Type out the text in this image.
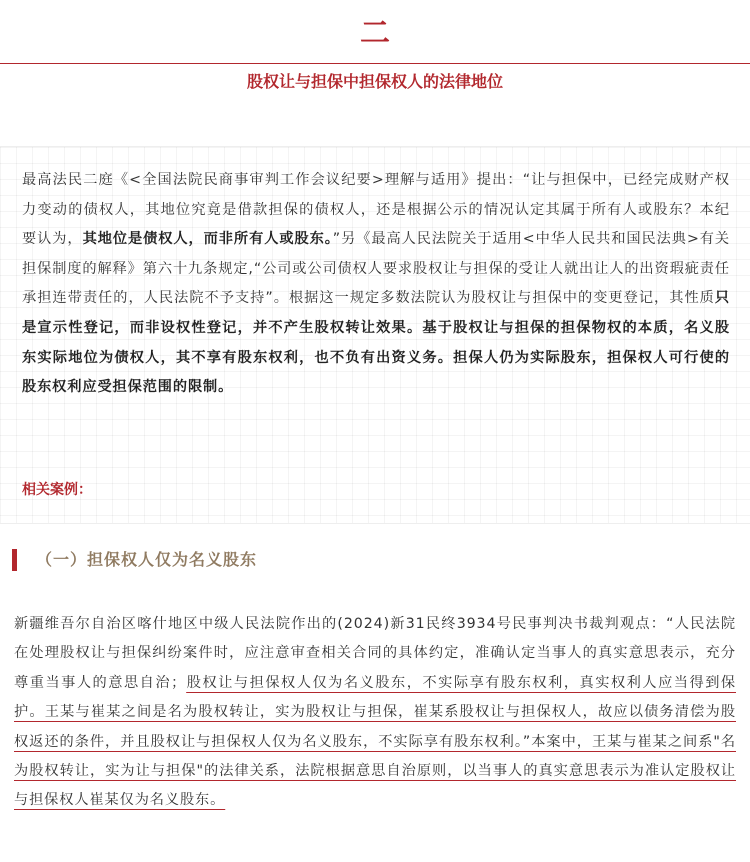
二
股权让与担保中担保权人的法律地位

最高法民二庭《<全国法院民商事审判工作会议纪要>理解与适用》提出：“让与担保中，已经完成财产权力变动的债权人，其地位究竟是借款担保的债权人，还是根据公示的情况认定其属于所有人或股东？本纪要认为，其地位是债权人，而非所有人或股东。”另《最高人民法院关于适用<中华人民共和国民法典>有关担保制度的解释》第六十九条规定,“公司或公司债权人要求股权让与担保的受让人就出让人的出资瑕疵责任承担连带责任的，人民法院不予支持”。根据这一规定多数法院认为股权让与担保中的变更登记，其性质只是宣示性登记，而非设权性登记，并不产生股权转让效果。基于股权让与担保的担保物权的本质，名义股东实际地位为债权人，其不享有股东权利，也不负有出资义务。担保人仍为实际股东，担保权人可行使的股东权利应受担保范围的限制。

相关案例：

（一）担保权人仅为名义股东

新疆维吾尔自治区喀什地区中级人民法院作出的(2024)新31民终3934号民事判决书裁判观点：“人民法院在处理股权让与担保纠纷案件时，应注意审查相关合同的具体约定，准确认定当事人的真实意思表示，充分尊重当事人的意思自治；股权让与担保权人仅为名义股东，不实际享有股东权利，真实权利人应当得到保护。王某与崔某之间是名为股权转让，实为股权让与担保，崔某系股权让与担保权人，故应以债务清偿为股权返还的条件，并且股权让与担保权人仅为名义股东，不实际享有股东权利。”本案中，王某与崔某之间系"名为股权转让，实为让与担保"的法律关系，法院根据意思自治原则，以当事人的真实意思表示为准认定股权让与担保权人崔某仅为名义股东。
